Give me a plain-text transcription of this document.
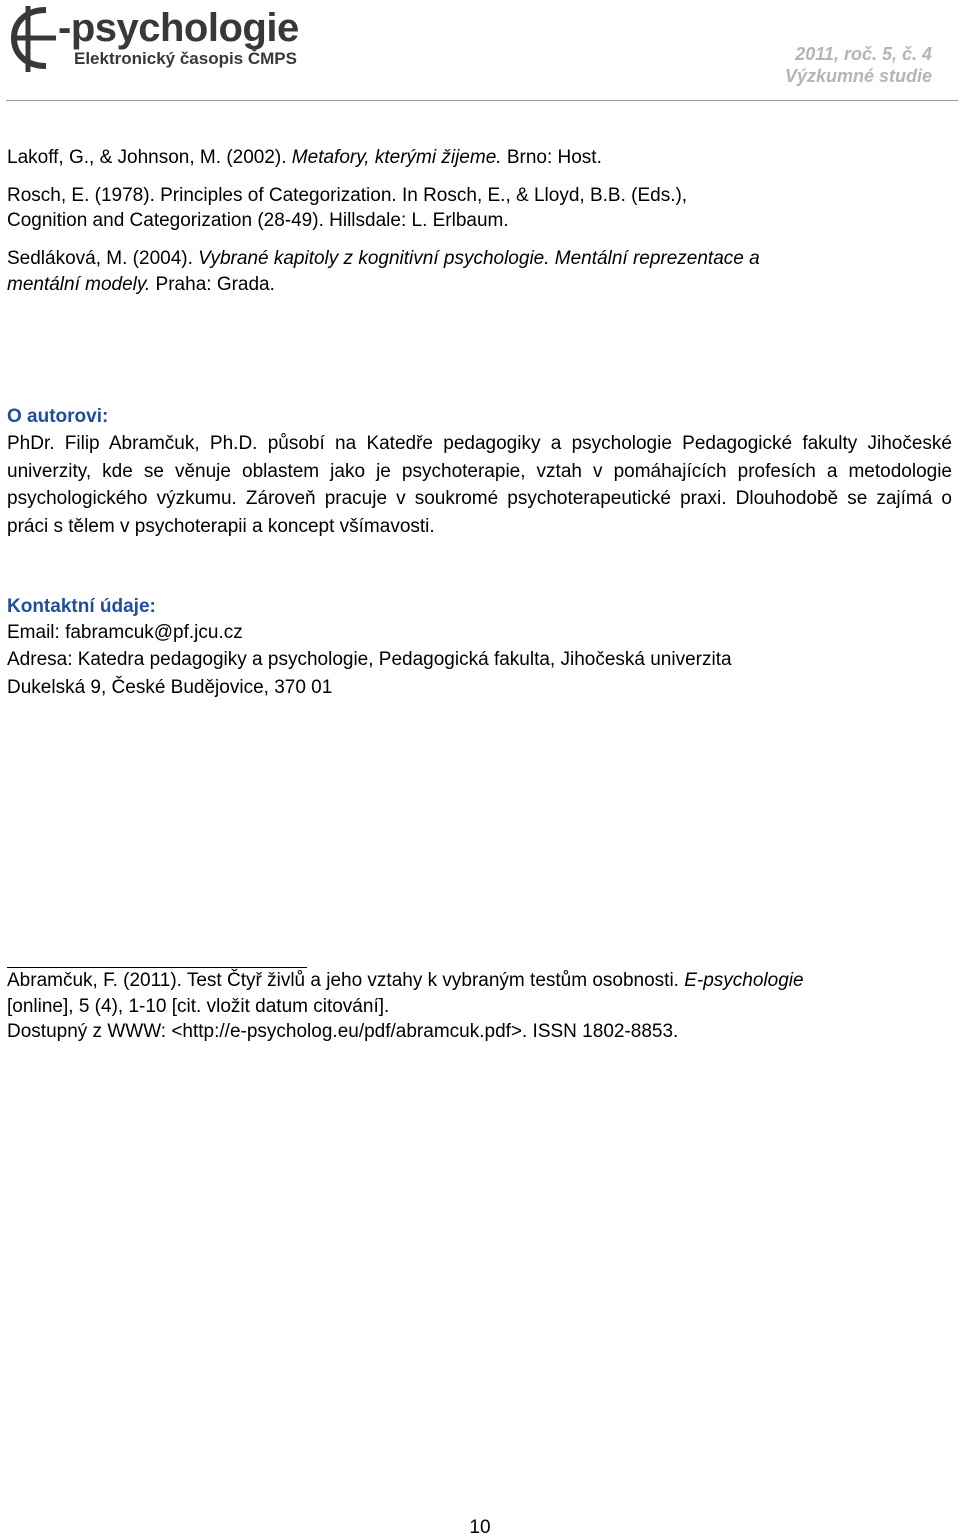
-psychologie
Elektronický časopis ČMPS	2011, roč. 5, č. 4
Výzkumné studie
Lakoff, G., & Johnson, M. (2002). Metafory, kterými žijeme. Brno: Host.
Rosch, E. (1978). Principles of Categorization. In Rosch, E., & Lloyd, B.B. (Eds.),
Cognition and Categorization (28-49). Hillsdale: L. Erlbaum.
Sedláková, M. (2004). Vybrané kapitoly z kognitivní psychologie. Mentální reprezentace a
mentální modely. Praha: Grada.
O autorovi:
PhDr. Filip Abramčuk, Ph.D. působí na Katedře pedagogiky a psychologie Pedagogické fakulty Jihočeské univerzity, kde se věnuje oblastem jako je psychoterapie, vztah v pomáhajících profesích a metodologie psychologického výzkumu. Zároveň pracuje v soukromé psychoterapeutické praxi. Dlouhodobě se zajímá o práci s tělem v psychoterapii a koncept všímavosti.
Kontaktní údaje:
Email: fabramcuk@pf.jcu.cz
Adresa: Katedra pedagogiky a psychologie, Pedagogická fakulta, Jihočeská univerzita
Dukelská 9, České Budějovice, 370 01
Abramčuk, F. (2011). Test Čtyř živlů a jeho vztahy k vybraným testům osobnosti. E-psychologie
[online], 5 (4), 1-10 [cit. vložit datum citování].
Dostupný z WWW: <http://e-psycholog.eu/pdf/abramcuk.pdf>. ISSN 1802-8853.
10
